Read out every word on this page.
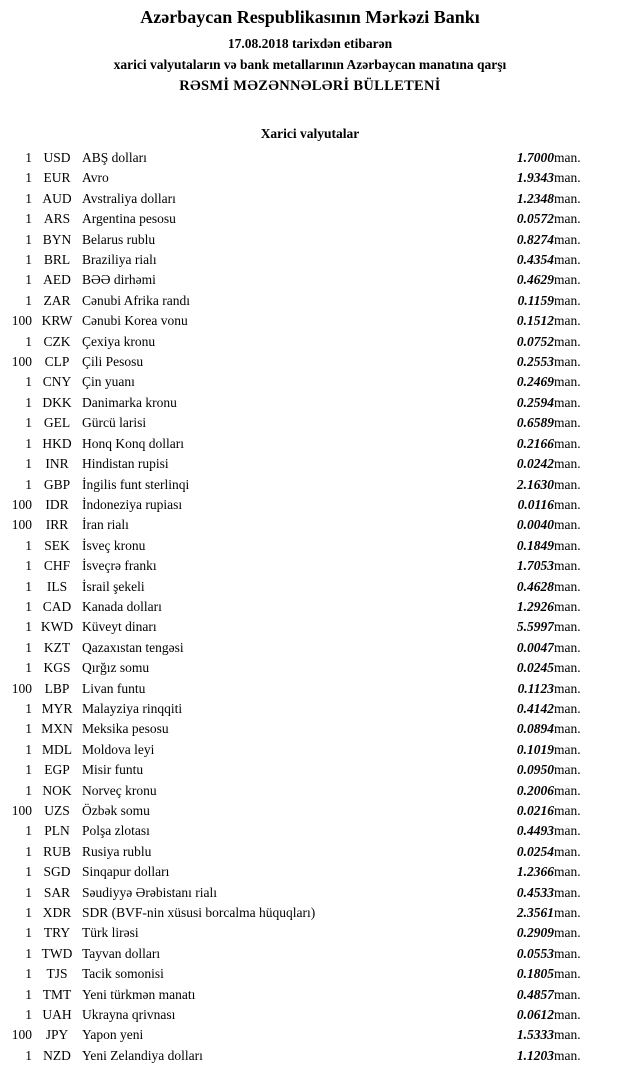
Azərbaycan Respublikasının Mərkəzi Bankı
17.08.2018 tarixdən etibarən
xarici valyutaların və bank metallarının Azərbaycan manatına qarşı
RƏSMİ MƏZƏNNƏLƏRİ BÜLLETENİ
Xarici valyutalar
1	USD	ABŞ dolları	1.7000	man.
1	EUR	Avro	1.9343	man.
1	AUD	Avstraliya dolları	1.2348	man.
1	ARS	Argentina pesosu	0.0572	man.
1	BYN	Belarus rublu	0.8274	man.
1	BRL	Braziliya rialı	0.4354	man.
1	AED	BƏƏ dirhəmi	0.4629	man.
1	ZAR	Cənubi Afrika randı	0.1159	man.
100	KRW	Cənubi Korea vonu	0.1512	man.
1	CZK	Çexiya kronu	0.0752	man.
100	CLP	Çili Pesosu	0.2553	man.
1	CNY	Çin yuanı	0.2469	man.
1	DKK	Danimarka kronu	0.2594	man.
1	GEL	Gürcü larisi	0.6589	man.
1	HKD	Honq Konq dolları	0.2166	man.
1	INR	Hindistan rupisi	0.0242	man.
1	GBP	İngilis funt sterlinqi	2.1630	man.
100	IDR	İndoneziya rupiası	0.0116	man.
100	IRR	İran rialı	0.0040	man.
1	SEK	İsveç kronu	0.1849	man.
1	CHF	İsveçrə frankı	1.7053	man.
1	ILS	İsrail şekeli	0.4628	man.
1	CAD	Kanada dolları	1.2926	man.
1	KWD	Küveyt dinarı	5.5997	man.
1	KZT	Qazaxıstan tengəsi	0.0047	man.
1	KGS	Qırğız somu	0.0245	man.
100	LBP	Livan funtu	0.1123	man.
1	MYR	Malayziya rinqqiti	0.4142	man.
1	MXN	Meksika pesosu	0.0894	man.
1	MDL	Moldova leyi	0.1019	man.
1	EGP	Misir funtu	0.0950	man.
1	NOK	Norveç kronu	0.2006	man.
100	UZS	Özbək somu	0.0216	man.
1	PLN	Polşa zlotası	0.4493	man.
1	RUB	Rusiya rublu	0.0254	man.
1	SGD	Sinqapur dolları	1.2366	man.
1	SAR	Səudiyyə Ərəbistanı rialı	0.4533	man.
1	XDR	SDR (BVF-nin xüsusi borcalma hüquqları)	2.3561	man.
1	TRY	Türk lirəsi	0.2909	man.
1	TWD	Tayvan dolları	0.0553	man.
1	TJS	Tacik somonisi	0.1805	man.
1	TMT	Yeni türkmən manatı	0.4857	man.
1	UAH	Ukrayna qrivnası	0.0612	man.
100	JPY	Yapon yeni	1.5333	man.
1	NZD	Yeni Zelandiya dolları	1.1203	man.
